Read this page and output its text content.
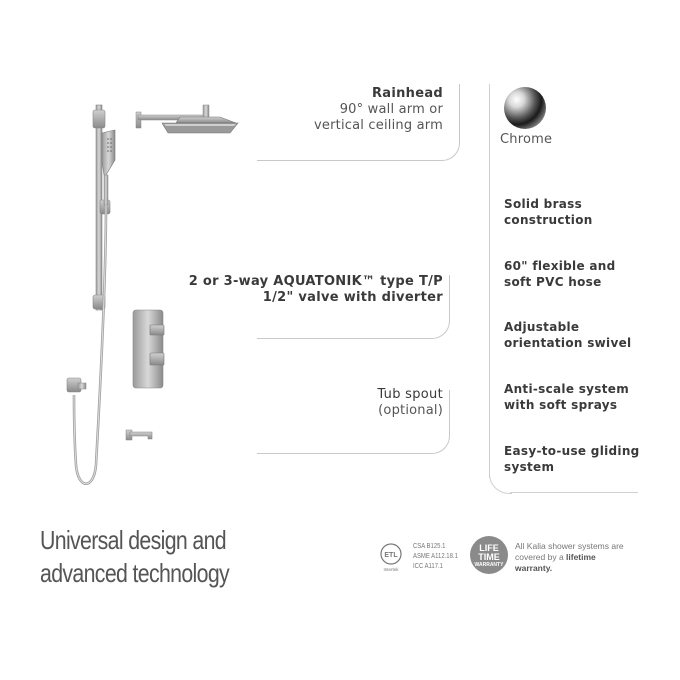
Rainhead
90° wall arm or
vertical ceiling arm
2 or 3-way AQUATONIK™ type T/P
1/2" valve with diverter
Tub spout
(optional)
Chrome
Solid brass
construction
60" flexible and
soft PVC hose
Adjustable
orientation swivel
Anti-scale system
with soft sprays
Easy-to-use gliding
system
Universal design and
advanced technology
ETL
Intertek
CSA B125.1
ASME A112.18.1
ICC A117.1
LIFE
TIME
WARRANTY
All Kalia shower systems are covered by a lifetime warranty.
